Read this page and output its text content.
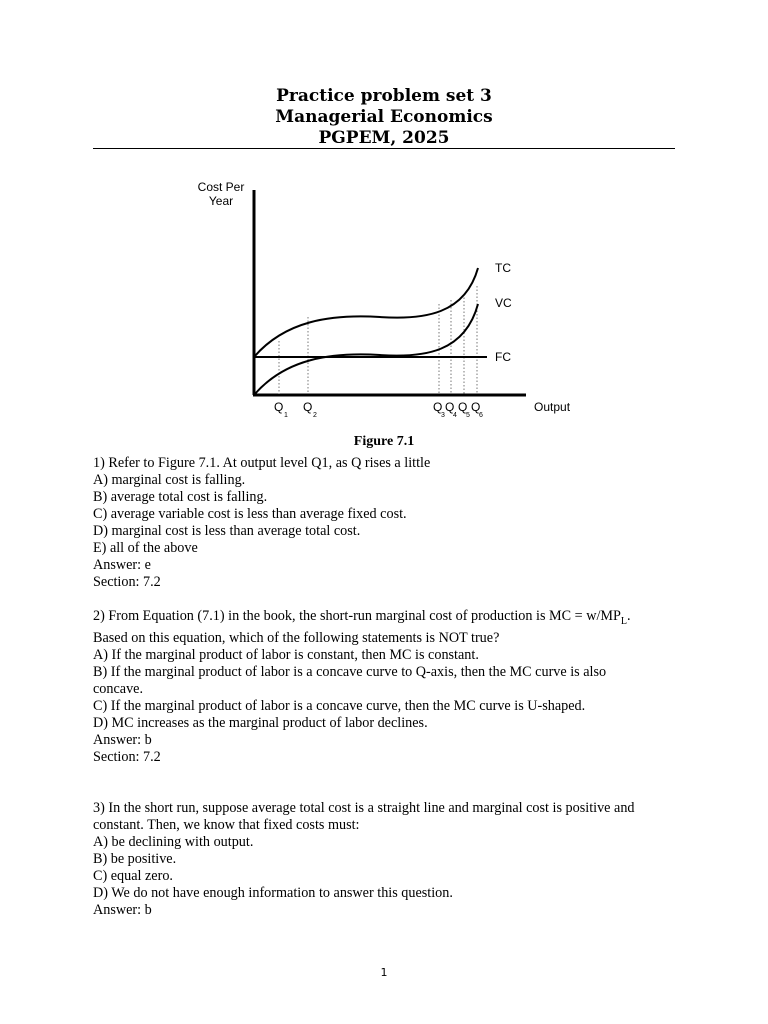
Practice problem set 3
Managerial Economics
PGPEM, 2025
Cost Per
Year
Output
TC
VC
FC
Q
1
Q
2
Q
3
Q
4
Q
5
Q
6
Figure 7.1

1) Refer to Figure 7.1. At output level Q1, as Q rises a little

A) marginal cost is falling.

B) average total cost is falling.

C) average variable cost is less than average fixed cost.

D) marginal cost is less than average total cost.

E) all of the above

Answer: e

Section: 7.2

2) From Equation (7.1) in the book, the short-run marginal cost of production is MC = $w/MP_L$. Based on this equation, which of the following statements is NOT true?

A) If the marginal product of labor is constant, then MC is constant.

B) If the marginal product of labor is a concave curve to Q-axis, then the MC curve is also concave.

C) If the marginal product of labor is a concave curve, then the MC curve is U-shaped.

D) MC increases as the marginal product of labor declines.

Answer: b

Section: 7.2

3) In the short run, suppose average total cost is a straight line and marginal cost is positive and constant. Then, we know that fixed costs must:

A) be declining with output.

B) be positive.

C) equal zero.

D) We do not have enough information to answer this question.

Answer: b

1
